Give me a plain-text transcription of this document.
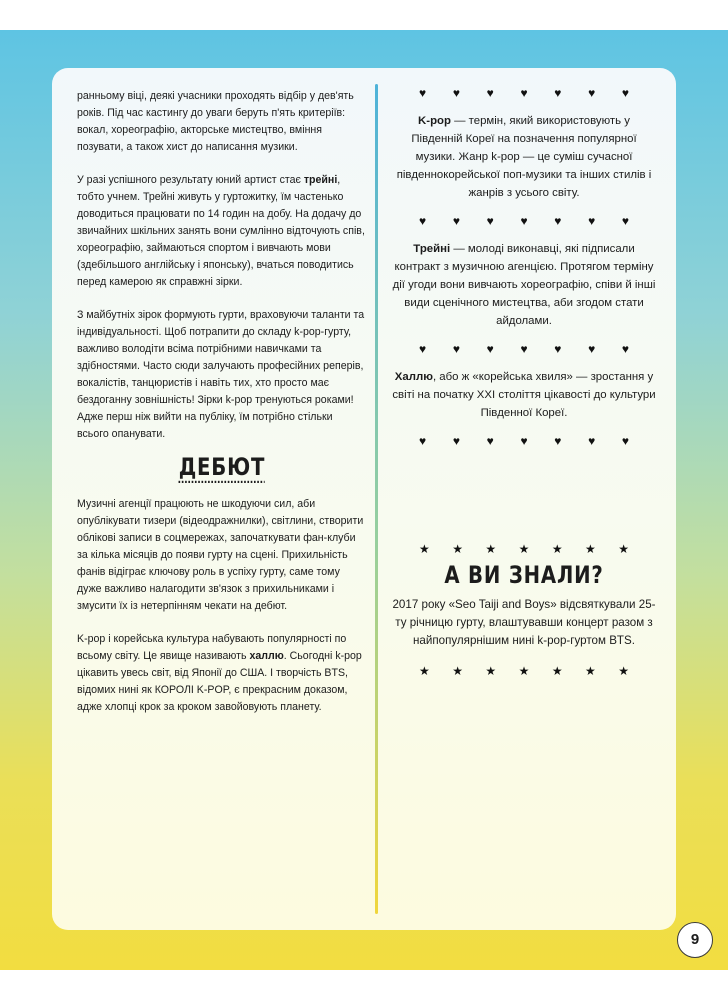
ранньому віці, деякі учасники проходять відбір у дев'ять років. Під час кастингу до уваги беруть п'ять критеріїв: вокал, хореографію, акторське мистецтво, вміння позувати, а також хист до написання музики.

У разі успішного результату юний артист стає трейні, тобто учнем. Трейні живуть у гуртожитку, їм частенько доводиться працювати по 14 годин на добу. На додачу до звичайних шкільних занять вони сумлінно відточують спів, хореографію, займаються спортом і вивчають мови (здебільшого англійську і японську), вчаться поводитись перед камерою як справжні зірки.

З майбутніх зірок формують гурти, враховуючи таланти та індивідуальності. Щоб потрапити до складу k-pop-гурту, важливо володіти всіма потрібними навичками та здібностями. Часто сюди залучають професійних реперів, вокалістів, танцюристів і навіть тих, хто просто має бездоганну зовнішність! Зірки k-pop тренуються роками! Адже перш ніж вийти на публіку, їм потрібно стільки всього опанувати.

ДЕБЮТ

Музичні агенції працюють не шкодуючи сил, аби опублікувати тизери (відеодражнилки), світлини, створити облікові записи в соцмережах, започаткувати фан-клуби за кілька місяців до появи гурту на сцені. Прихильність фанів відіграє ключову роль в успіху гурту, саме тому дуже важливо налагодити зв'язок з прихильниками і змусити їх із нетерпінням чекати на дебют.

K-pop і корейська культура набувають популярності по всьому світу. Це явище називають халлю. Сьогодні k-pop цікавить увесь світ, від Японії до США. І творчість BTS, відомих нині як КОРОЛІ K-POP, є прекрасним доказом, адже хлопці крок за кроком завойовують планету.

♥ ♥ ♥ ♥ ♥ ♥ ♥
K-pop — термін, який використовують у Південній Кореї на позначення популярної музики. Жанр k-pop — це суміш сучасної південнокорейської поп-музики та інших стилів і жанрів з усього світу.
♥ ♥ ♥ ♥ ♥ ♥ ♥
Трейні — молоді виконавці, які підписали контракт з музичною агенцією. Протягом терміну дії угоди вони вивчають хореографію, співи й інші види сценічного мистецтва, аби згодом стати айдолами.
♥ ♥ ♥ ♥ ♥ ♥ ♥
Халлю, або ж «корейська хвиля» — зростання у світі на початку XXI століття цікавості до культури Південної Кореї.
♥ ♥ ♥ ♥ ♥ ♥ ♥
★ ★ ★ ★ ★ ★ ★
А ВИ ЗНАЛИ?
2017 року «Seo Taiji and Boys» відсвяткували 25-ту річницю гурту, влаштувавши концерт разом з найпопулярнішим нині k-pop-гуртом BTS.
★ ★ ★ ★ ★ ★ ★
9
